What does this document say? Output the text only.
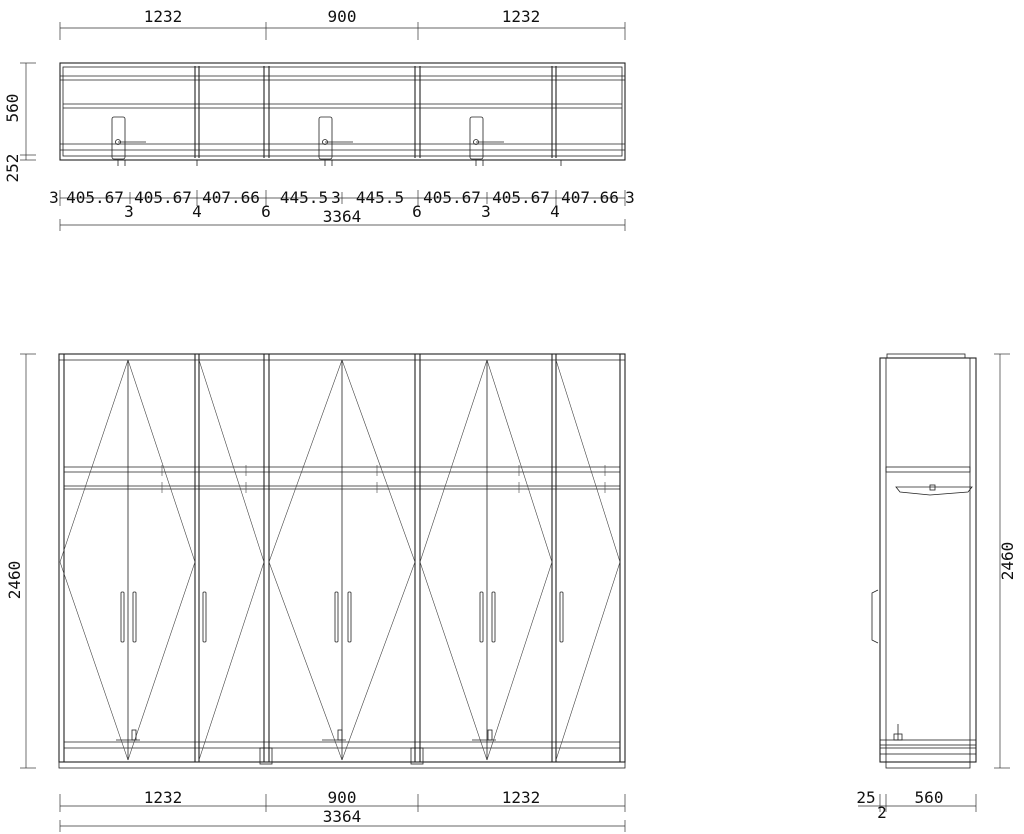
1232	900	1232
560
252
3 405.67 405.67 407.66 445.5 3 445.5 405.67 405.67 407.66 3
3	4	6	6	3	4
3364
2460
1232	900	1232
3364
2460
25 560
2
